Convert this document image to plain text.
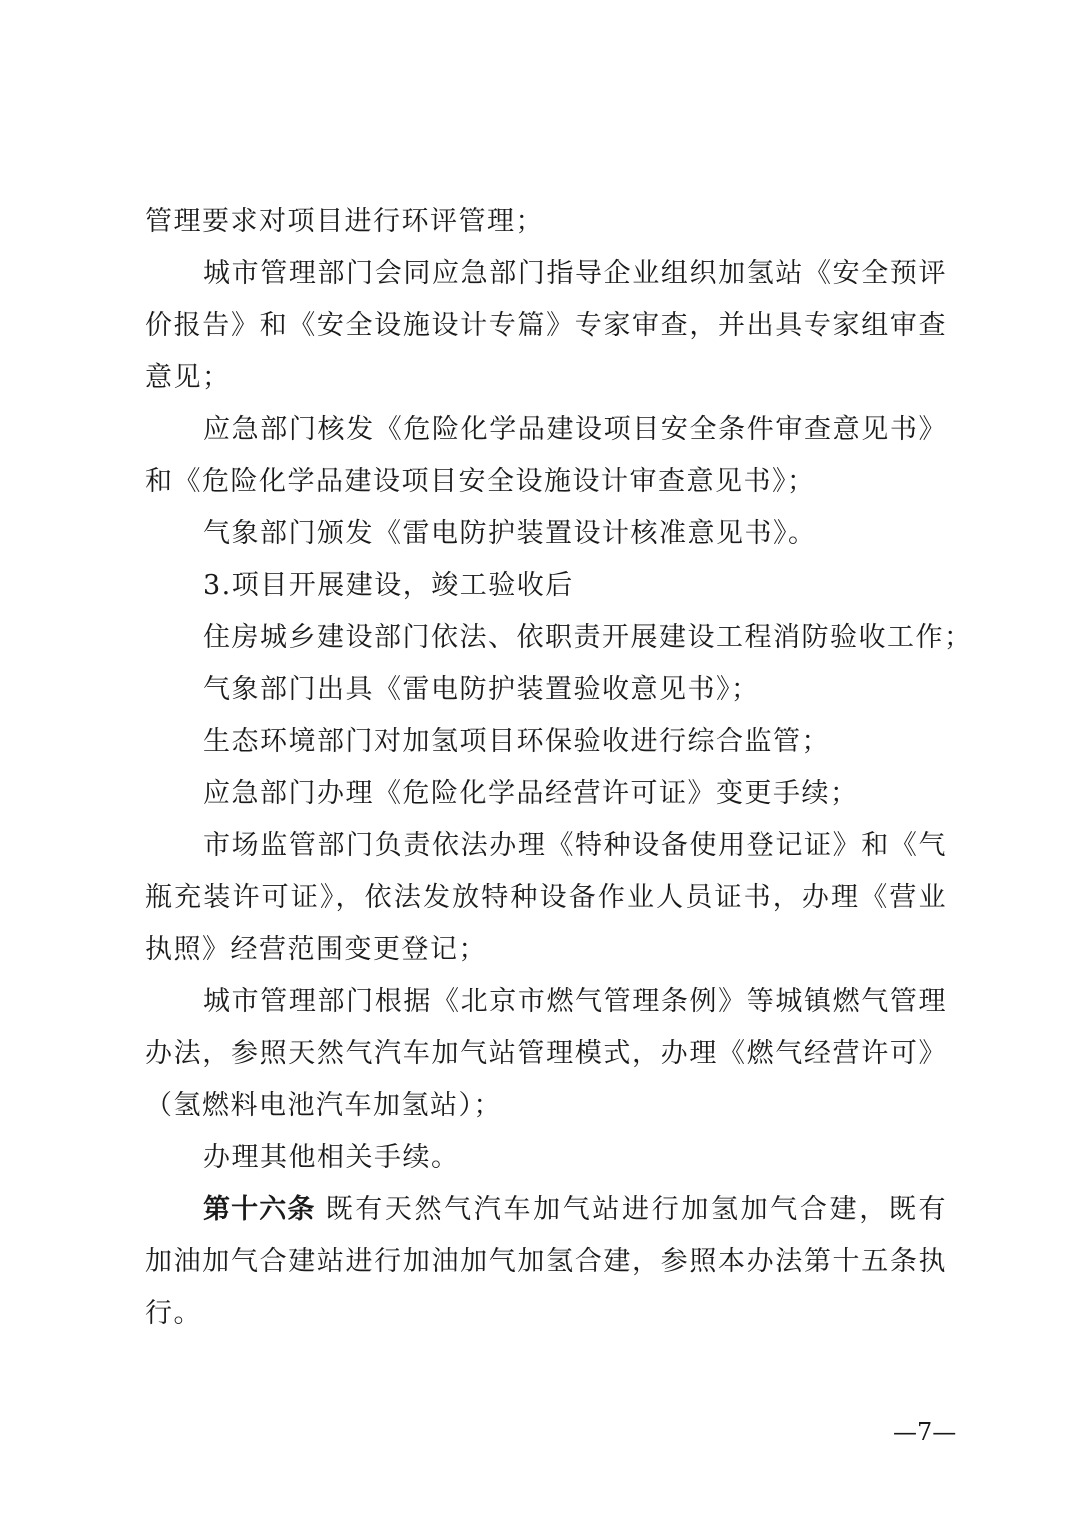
管理要求对项目进行环评管理；
城市管理部门会同应急部门指导企业组织加氢站《安全预评
价报告》和《安全设施设计专篇》专家审查，并出具专家组审查
意见；
应急部门核发《危险化学品建设项目安全条件审查意见书》
和《危险化学品建设项目安全设施设计审查意见书》；
气象部门颁发《雷电防护装置设计核准意见书》。
3.项目开展建设，竣工验收后
住房城乡建设部门依法、依职责开展建设工程消防验收工作；
气象部门出具《雷电防护装置验收意见书》；
生态环境部门对加氢项目环保验收进行综合监管；
应急部门办理《危险化学品经营许可证》变更手续；
市场监管部门负责依法办理《特种设备使用登记证》和《气
瓶充装许可证》，依法发放特种设备作业人员证书，办理《营业
执照》经营范围变更登记；
城市管理部门根据《北京市燃气管理条例》等城镇燃气管理
办法，参照天然气汽车加气站管理模式，办理《燃气经营许可》
（氢燃料电池汽车加氢站）；
办理其他相关手续。
第十六条 既有天然气汽车加气站进行加氢加气合建，既有
加油加气合建站进行加油加气加氢合建，参照本办法第十五条执
行。
—7—
